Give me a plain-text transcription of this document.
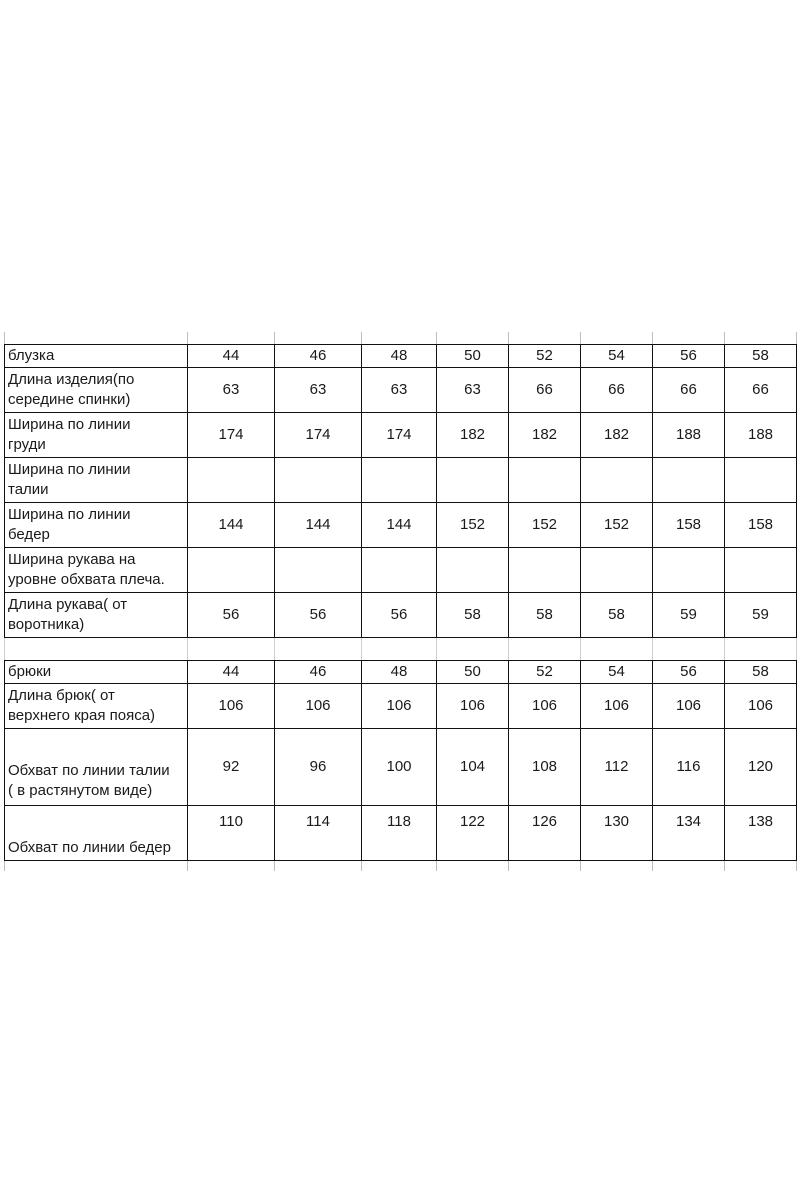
блузка	44	46	48	50	52	54	56	58
Длина изделия(по
середине спинки)	63	63	63	63	66	66	66	66
Ширина по линии
груди	174	174	174	182	182	182	188	188
Ширина по линии
талии								
Ширина по линии
бедер	144	144	144	152	152	152	158	158
Ширина рукава на
уровне обхвата плеча.								
Длина рукава( от
воротника)	56	56	56	58	58	58	59	59

брюки	44	46	48	50	52	54	56	58
Длина брюк( от
верхнего края пояса)	106	106	106	106	106	106	106	106
Обхват по линии талии
( в растянутом виде)	92	96	100	104	108	112	116	120
Обхват по линии бедер	110	114	118	122	126	130	134	138
